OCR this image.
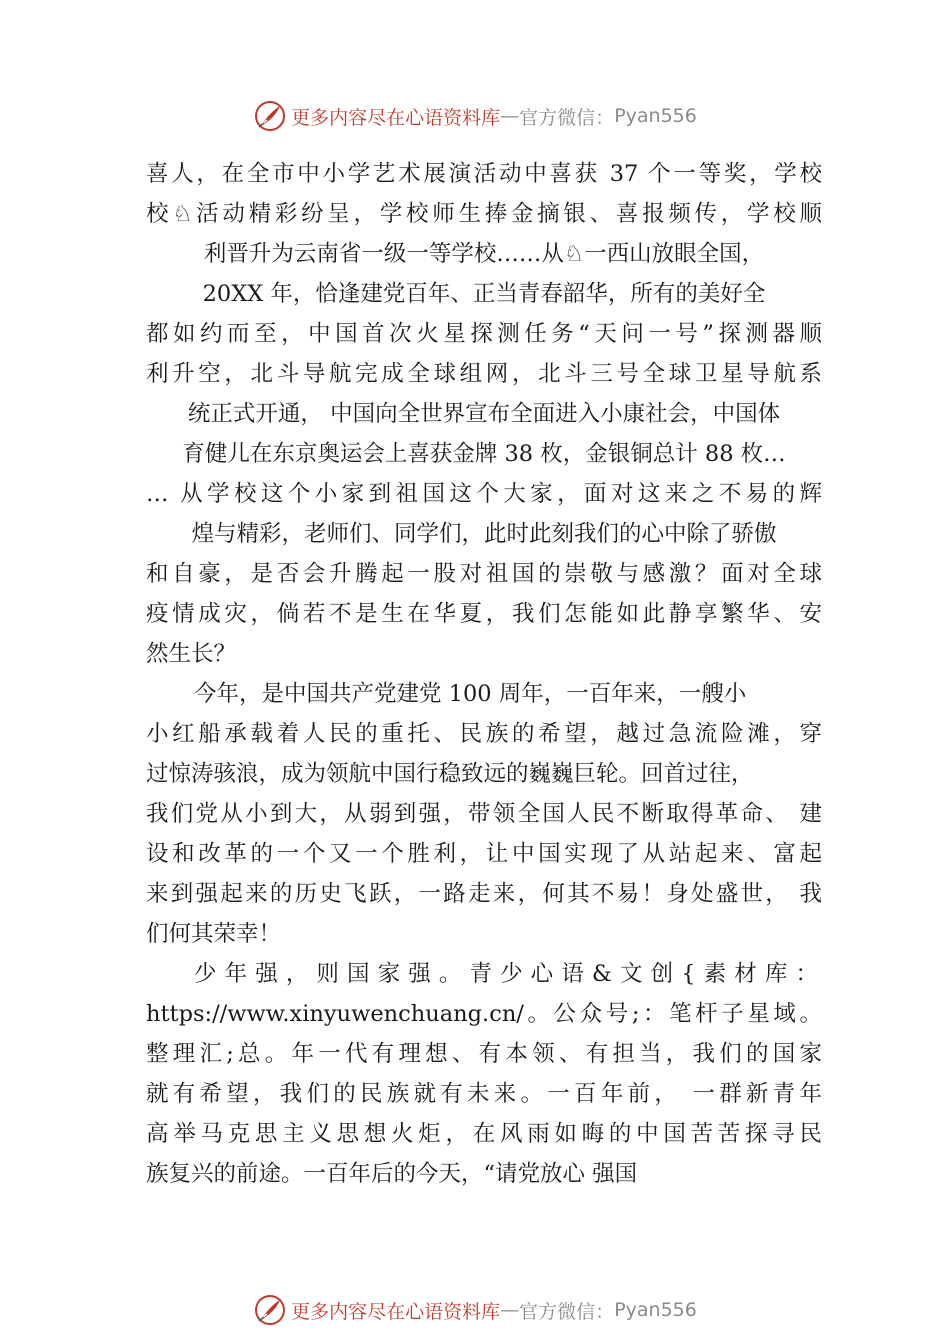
更多内容尽在心语资料库 — 官方微信： Pyan556
喜人，在全市中小学艺术展演活动中喜获 37 个一等奖，学校
校♘活动精彩纷呈，学校师生捧金摘银、喜报频传，学校顺
利晋升为云南省一级一等学校……从♘一西山放眼全国，
20XX 年，恰逢建党百年、正当青春韶华，所有的美好全
都如约而至，中国首次火星探测任务“天问一号”探测器顺
利升空，北斗导航完成全球组网，北斗三号全球卫星导航系
统正式开通， 中国向全世界宣布全面进入小康社会，中国体
育健儿在东京奥运会上喜获金牌 38 枚，金银铜总计 88 枚…
… 从学校这个小家到祖国这个大家，面对这来之不易的辉
煌与精彩，老师们、同学们，此时此刻我们的心中除了骄傲
和自豪，是否会升腾起一股对祖国的崇敬与感激？面对全球
疫情成灾，倘若不是生在华夏，我们怎能如此静享繁华、安
然生长？
今年，是中国共产党建党 100 周年，一百年来，一艘小
小红船承载着人民的重托、民族的希望，越过急流险滩，穿
过惊涛骇浪，成为领航中国行稳致远的巍巍巨轮。回首过往，
我们党从小到大，从弱到强，带领全国人民不断取得革命、 建
设和改革的一个又一个胜利，让中国实现了从站起来、富起
来到强起来的历史飞跃，一路走来，何其不易！身处盛世， 我
们何其荣幸！
少年强，则国家强。青少心语&文创{素材库：
https://www.xinyuwenchuang.cn/。公众号;：笔杆子星域。
整理汇;总。年一代有理想、有本领、有担当，我们的国家
就有希望，我们的民族就有未来。一百年前， 一群新青年
高举马克思主义思想火炬，在风雨如晦的中国苦苦探寻民
族复兴的前途。一百年后的今天，“请党放心 强国
更多内容尽在心语资料库 — 官方微信： Pyan556
